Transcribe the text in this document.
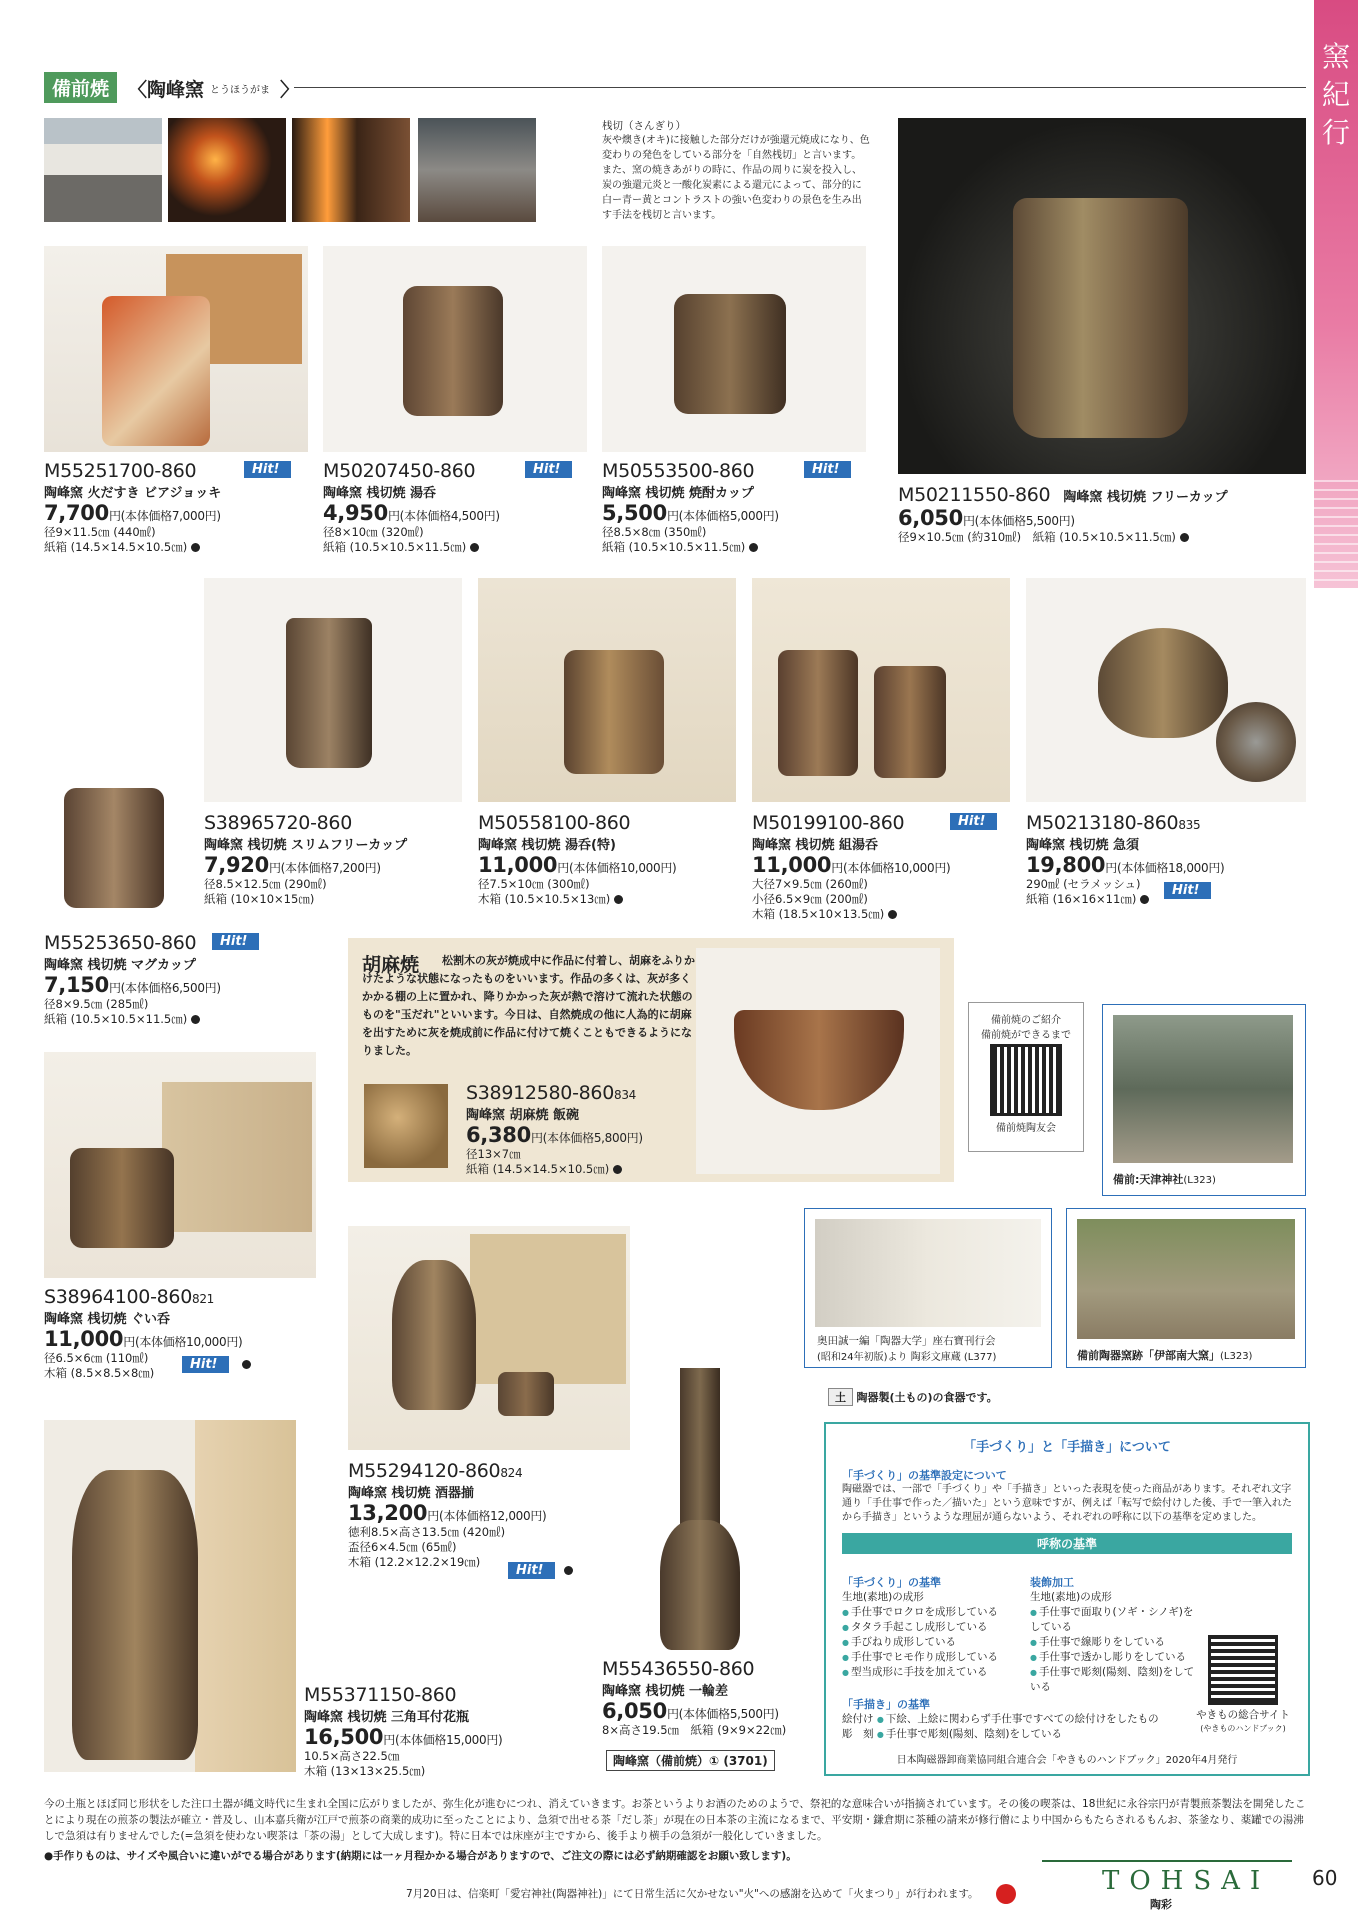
窯紀行
備前焼 〈陶峰窯 とうほうがま 〉
桟切（さんぎり）
灰や燠き(オキ)に接触した部分だけが強還元焼成になり、色変わりの発色をしている部分を「自然桟切」と言います。また、窯の焼きあがりの時に、作品の周りに炭を投入し、炭の強還元炎と一酸化炭素による還元によって、部分的に白ー青ー黄とコントラストの強い色変わりの景色を生み出す手法を桟切と言います。
M55251700-860	Hit!
陶峰窯 火だすき ビアジョッキ
7,700円(本体価格7,000円)
径9×11.5㎝ (440㎖)
紙箱 (14.5×14.5×10.5㎝)
M50207450-860	Hit!
陶峰窯 桟切焼 湯呑
4,950円(本体価格4,500円)
径8×10㎝ (320㎖)
紙箱 (10.5×10.5×11.5㎝)
M50553500-860	Hit!
陶峰窯 桟切焼 焼酎カップ
5,500円(本体価格5,000円)
径8.5×8㎝ (350㎖)
紙箱 (10.5×10.5×11.5㎝)
M50211550-860 陶峰窯 桟切焼 フリーカップ
6,050円(本体価格5,500円)
径9×10.5㎝ (約310㎖)　紙箱 (10.5×10.5×11.5㎝)
S38965720-860
陶峰窯 桟切焼 スリムフリーカップ
7,920円(本体価格7,200円)
径8.5×12.5㎝ (290㎖)
紙箱 (10×10×15㎝)
M50558100-860
陶峰窯 桟切焼 湯呑(特)
11,000円(本体価格10,000円)
径7.5×10㎝ (300㎖)
木箱 (10.5×10.5×13㎝)
M50199100-860	Hit!
陶峰窯 桟切焼 組湯呑
11,000円(本体価格10,000円)
大径7×9.5㎝ (260㎖)
小径6.5×9㎝ (200㎖)
木箱 (18.5×10×13.5㎝)
M50213180-860835
陶峰窯 桟切焼 急須
19,800円(本体価格18,000円)
290㎖ (セラメッシュ)
紙箱 (16×16×11㎝)
Hit!
M55253650-860	Hit!
陶峰窯 桟切焼 マグカップ
7,150円(本体価格6,500円)
径8×9.5㎝ (285㎖)
紙箱 (10.5×10.5×11.5㎝)
胡麻焼	松割木の灰が焼成中に作品に付着し、胡麻をふりかけたような状態になったものをいいます。作品の多くは、灰が多くかかる棚の上に置かれ、降りかかった灰が熱で溶けて流れた状態のものを"玉だれ"といいます。今日は、自然焼成の他に人為的に胡麻を出すために灰を焼成前に作品に付けて焼くこともできるようになりました。
S38912580-860834
陶峰窯 胡麻焼 飯碗
6,380円(本体価格5,800円)
径13×7㎝
紙箱 (14.5×14.5×10.5㎝)
備前焼のご紹介
備前焼ができるまで
備前焼陶友会
備前:天津神社(L323)
奥田誠一編「陶器大学」座右寶刊行会
(昭和24年初版)より 陶彩文庫蔵 (L377)	備前陶器窯跡「伊部南大窯」(L323)
S38964100-860821
陶峰窯 桟切焼 ぐい呑
11,000円(本体価格10,000円)
径6.5×6㎝ (110㎖)
木箱 (8.5×8.5×8㎝)
Hit!
土 陶器製(土もの)の食器です。
M55294120-860824
陶峰窯 桟切焼 酒器揃
13,200円(本体価格12,000円)
徳利8.5×高さ13.5㎝ (420㎖)
盃径6×4.5㎝ (65㎖)
木箱 (12.2×12.2×19㎝)
Hit!
「手づくり」と「手描き」について
「手づくり」の基準設定について
陶磁器では、一部で「手づくり」や「手描き」といった表現を使った商品があります。それぞれ文字通り「手仕事で作った／描いた」という意味ですが、例えば「転写で絵付けした後、手で一筆入れたから手描き」というような理屈が通らないよう、それぞれの呼称に以下の基準を定めました。
呼称の基準
「手づくり」の基準
生地(素地)の成形
● 手仕事でロクロを成形している
● タタラ手起こし成形している
● 手びねり成形している
● 手仕事でヒモ作り成形している
● 型当成形に手技を加えている
装飾加工
生地(素地)の成形
● 手仕事で面取り(ソギ・シノギ)をしている
● 手仕事で線彫りをしている
● 手仕事で透かし彫りをしている
● 手仕事で彫刻(陽刻、陰刻)をしている
「手描き」の基準
絵付け ● 下絵、上絵に関わらず手仕事ですべての絵付けをしたもの
彫　刻 ● 手仕事で彫刻(陽刻、陰刻)をしている
やきもの総合サイト
(やきものハンドブック)
日本陶磁器卸商業協同組合連合会「やきものハンドブック」2020年4月発行
M55371150-860
陶峰窯 桟切焼 三角耳付花瓶
16,500円(本体価格15,000円)
10.5×高さ22.5㎝
木箱 (13×13×25.5㎝)
M55436550-860
陶峰窯 桟切焼 一輪差
6,050円(本体価格5,500円)
8×高さ19.5㎝　紙箱 (9×9×22㎝)
陶峰窯（備前焼）① (3701)
今の土瓶とほぼ同じ形状をした注口土器が縄文時代に生まれ全国に広がりましたが、弥生化が進むにつれ、消えていきます。お茶というよりお酒のためのようで、祭祀的な意味合いが指摘されています。その後の喫茶は、18世紀に永谷宗円が青製煎茶製法を開発したことにより現在の煎茶の製法が確立・普及し、山本嘉兵衛が江戸で煎茶の商業的成功に至ったことにより、急須で出せる茶「だし茶」が現在の日本茶の主流になるまで、平安期・鎌倉期に茶種の請来が修行僧により中国からもたらされるもんお、茶釜なり、薬罐での湯沸しで急須は有りませんでした(=急須を使わない喫茶は「茶の湯」として大成します)。特に日本では床座が主ですから、後手より横手の急須が一般化していきました。
●手作りものは、サイズや風合いに違いがでる場合があります(納期には一ヶ月程かかる場合がありますので、ご注文の際には必ず納期確認をお願い致します)。
7月20日は、信楽町「愛宕神社(陶器神社)」にて日常生活に欠かせない"火"への感謝を込めて「火まつり」が行われます。	TOHSAI
陶彩
60
